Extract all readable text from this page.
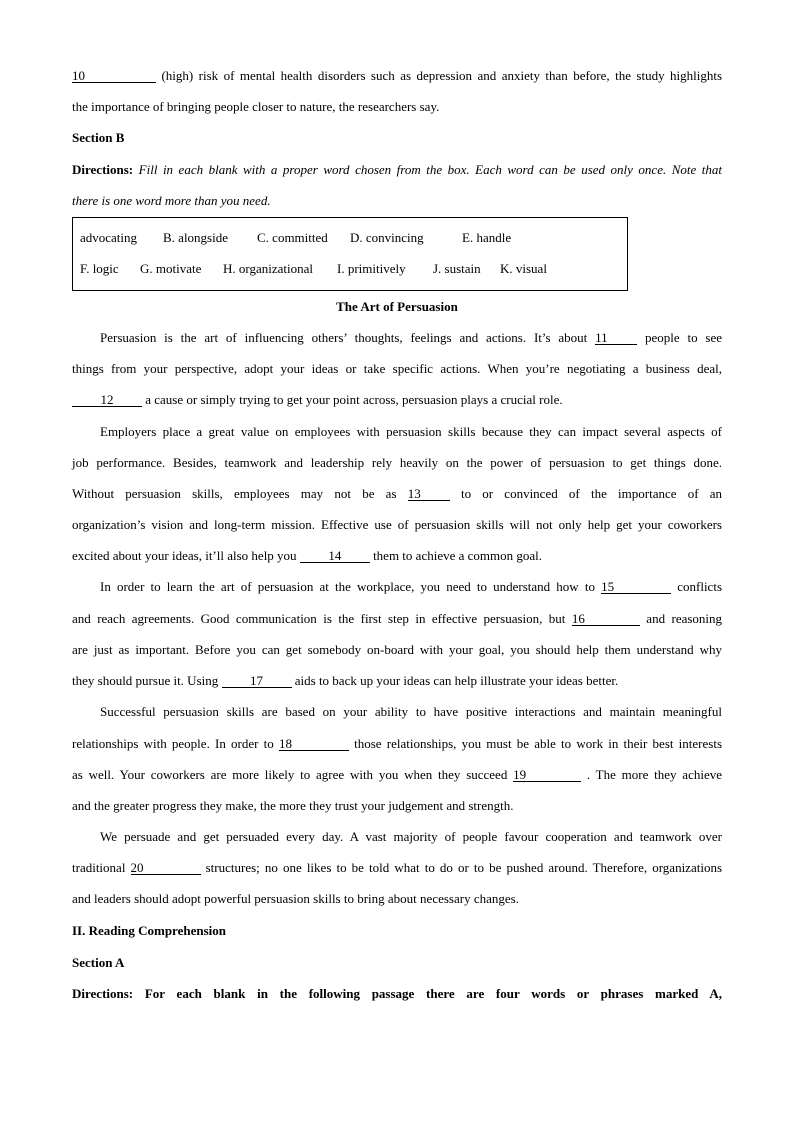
10	(high) risk of mental health disorders such as depression and anxiety than before, the study highlights
the importance of bringing people closer to nature, the researchers say.
Section B
Directions: Fill in each blank with a proper word chosen from the box. Each word can be used only once. Note that
there is one word more than you need.
advocating B. alongside C. committed D. convincing	E. handle
F. logic G. motivate H. organizational I. primitively J. sustain K. visual
The Art of Persuasion
Persuasion is the art of influencing others’ thoughts, feelings and actions. It’s about 11	people to see
things from your perspective, adopt your ideas or take specific actions. When you’re negotiating a business deal,
12 a cause or simply trying to get your point across, persuasion plays a crucial role.
Employers place a great value on employees with persuasion skills because they can impact several aspects of
job performance. Besides, teamwork and leadership rely heavily on the power of persuasion to get things done.
Without persuasion skills, employees may not be as 13	to or convinced of the importance of an
organization’s vision and long-term mission. Effective use of persuasion skills will not only help get your coworkers
excited about your ideas, it’ll also help you 14 them to achieve a common goal.
In order to learn the art of persuasion at the workplace, you need to understand how to 15	conflicts
and reach agreements. Good communication is the first step in effective persuasion, but 16	and reasoning
are just as important. Before you can get somebody on-board with your goal, you should help them understand why
they should pursue it. Using 17 aids to back up your ideas can help illustrate your ideas better.
Successful persuasion skills are based on your ability to have positive interactions and maintain meaningful
relationships with people. In order to 18	those relationships, you must be able to work in their best interests
as well. Your coworkers are more likely to agree with you when they succeed 19	. The more they achieve
and the greater progress they make, the more they trust your judgement and strength.
We persuade and get persuaded every day. A vast majority of people favour cooperation and teamwork over
traditional 20	structures; no one likes to be told what to do or to be pushed around. Therefore, organizations
and leaders should adopt powerful persuasion skills to bring about necessary changes.
II. Reading Comprehension
Section A
Directions: For each blank in the following passage there are four words or phrases marked A,
